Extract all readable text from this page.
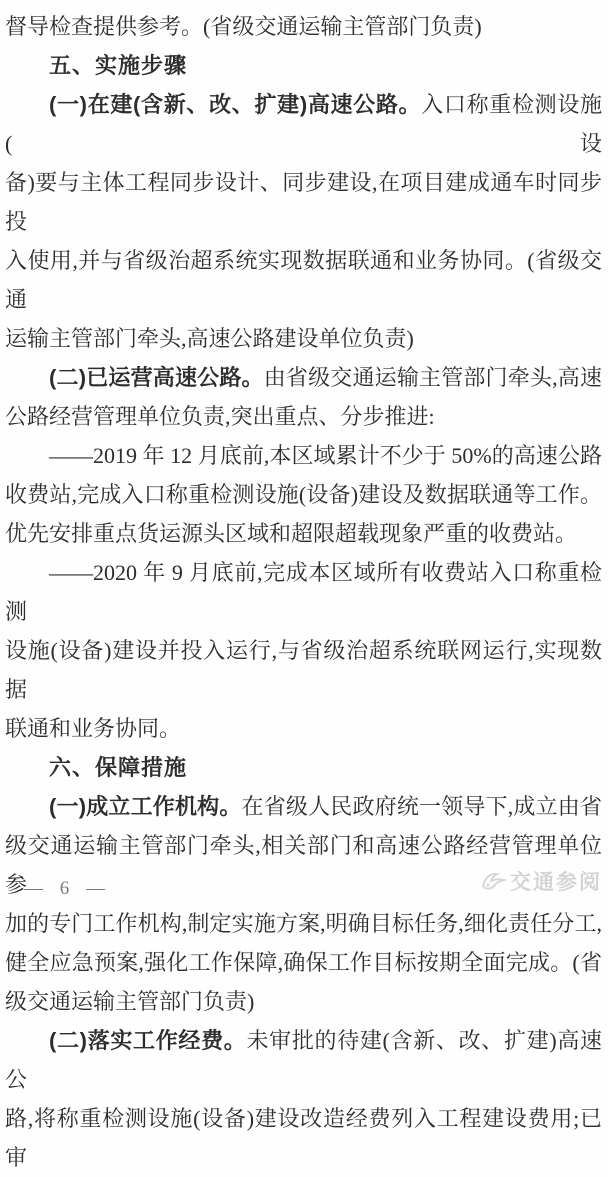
督导检查提供参考。(省级交通运输主管部门负责)

五、实施步骤

(一)在建(含新、改、扩建)高速公路。入口称重检测设施(设

备)要与主体工程同步设计、同步建设,在项目建成通车时同步投

入使用,并与省级治超系统实现数据联通和业务协同。(省级交通

运输主管部门牵头,高速公路建设单位负责)

(二)已运营高速公路。由省级交通运输主管部门牵头,高速

公路经营管理单位负责,突出重点、分步推进:

——2019 年 12 月底前,本区域累计不少于 50%的高速公路

收费站,完成入口称重检测设施(设备)建设及数据联通等工作。

优先安排重点货运源头区域和超限超载现象严重的收费站。

——2020 年 9 月底前,完成本区域所有收费站入口称重检测

设施(设备)建设并投入运行,与省级治超系统联网运行,实现数据

联通和业务协同。

六、保障措施

(一)成立工作机构。在省级人民政府统一领导下,成立由省

级交通运输主管部门牵头,相关部门和高速公路经营管理单位参

加的专门工作机构,制定实施方案,明确目标任务,细化责任分工,

健全应急预案,强化工作保障,确保工作目标按期全面完成。(省

级交通运输主管部门负责)

(二)落实工作经费。未审批的待建(含新、改、扩建)高速公

路,将称重检测设施(设备)建设改造经费列入工程建设费用;已审

— 6 —	交通参阅
